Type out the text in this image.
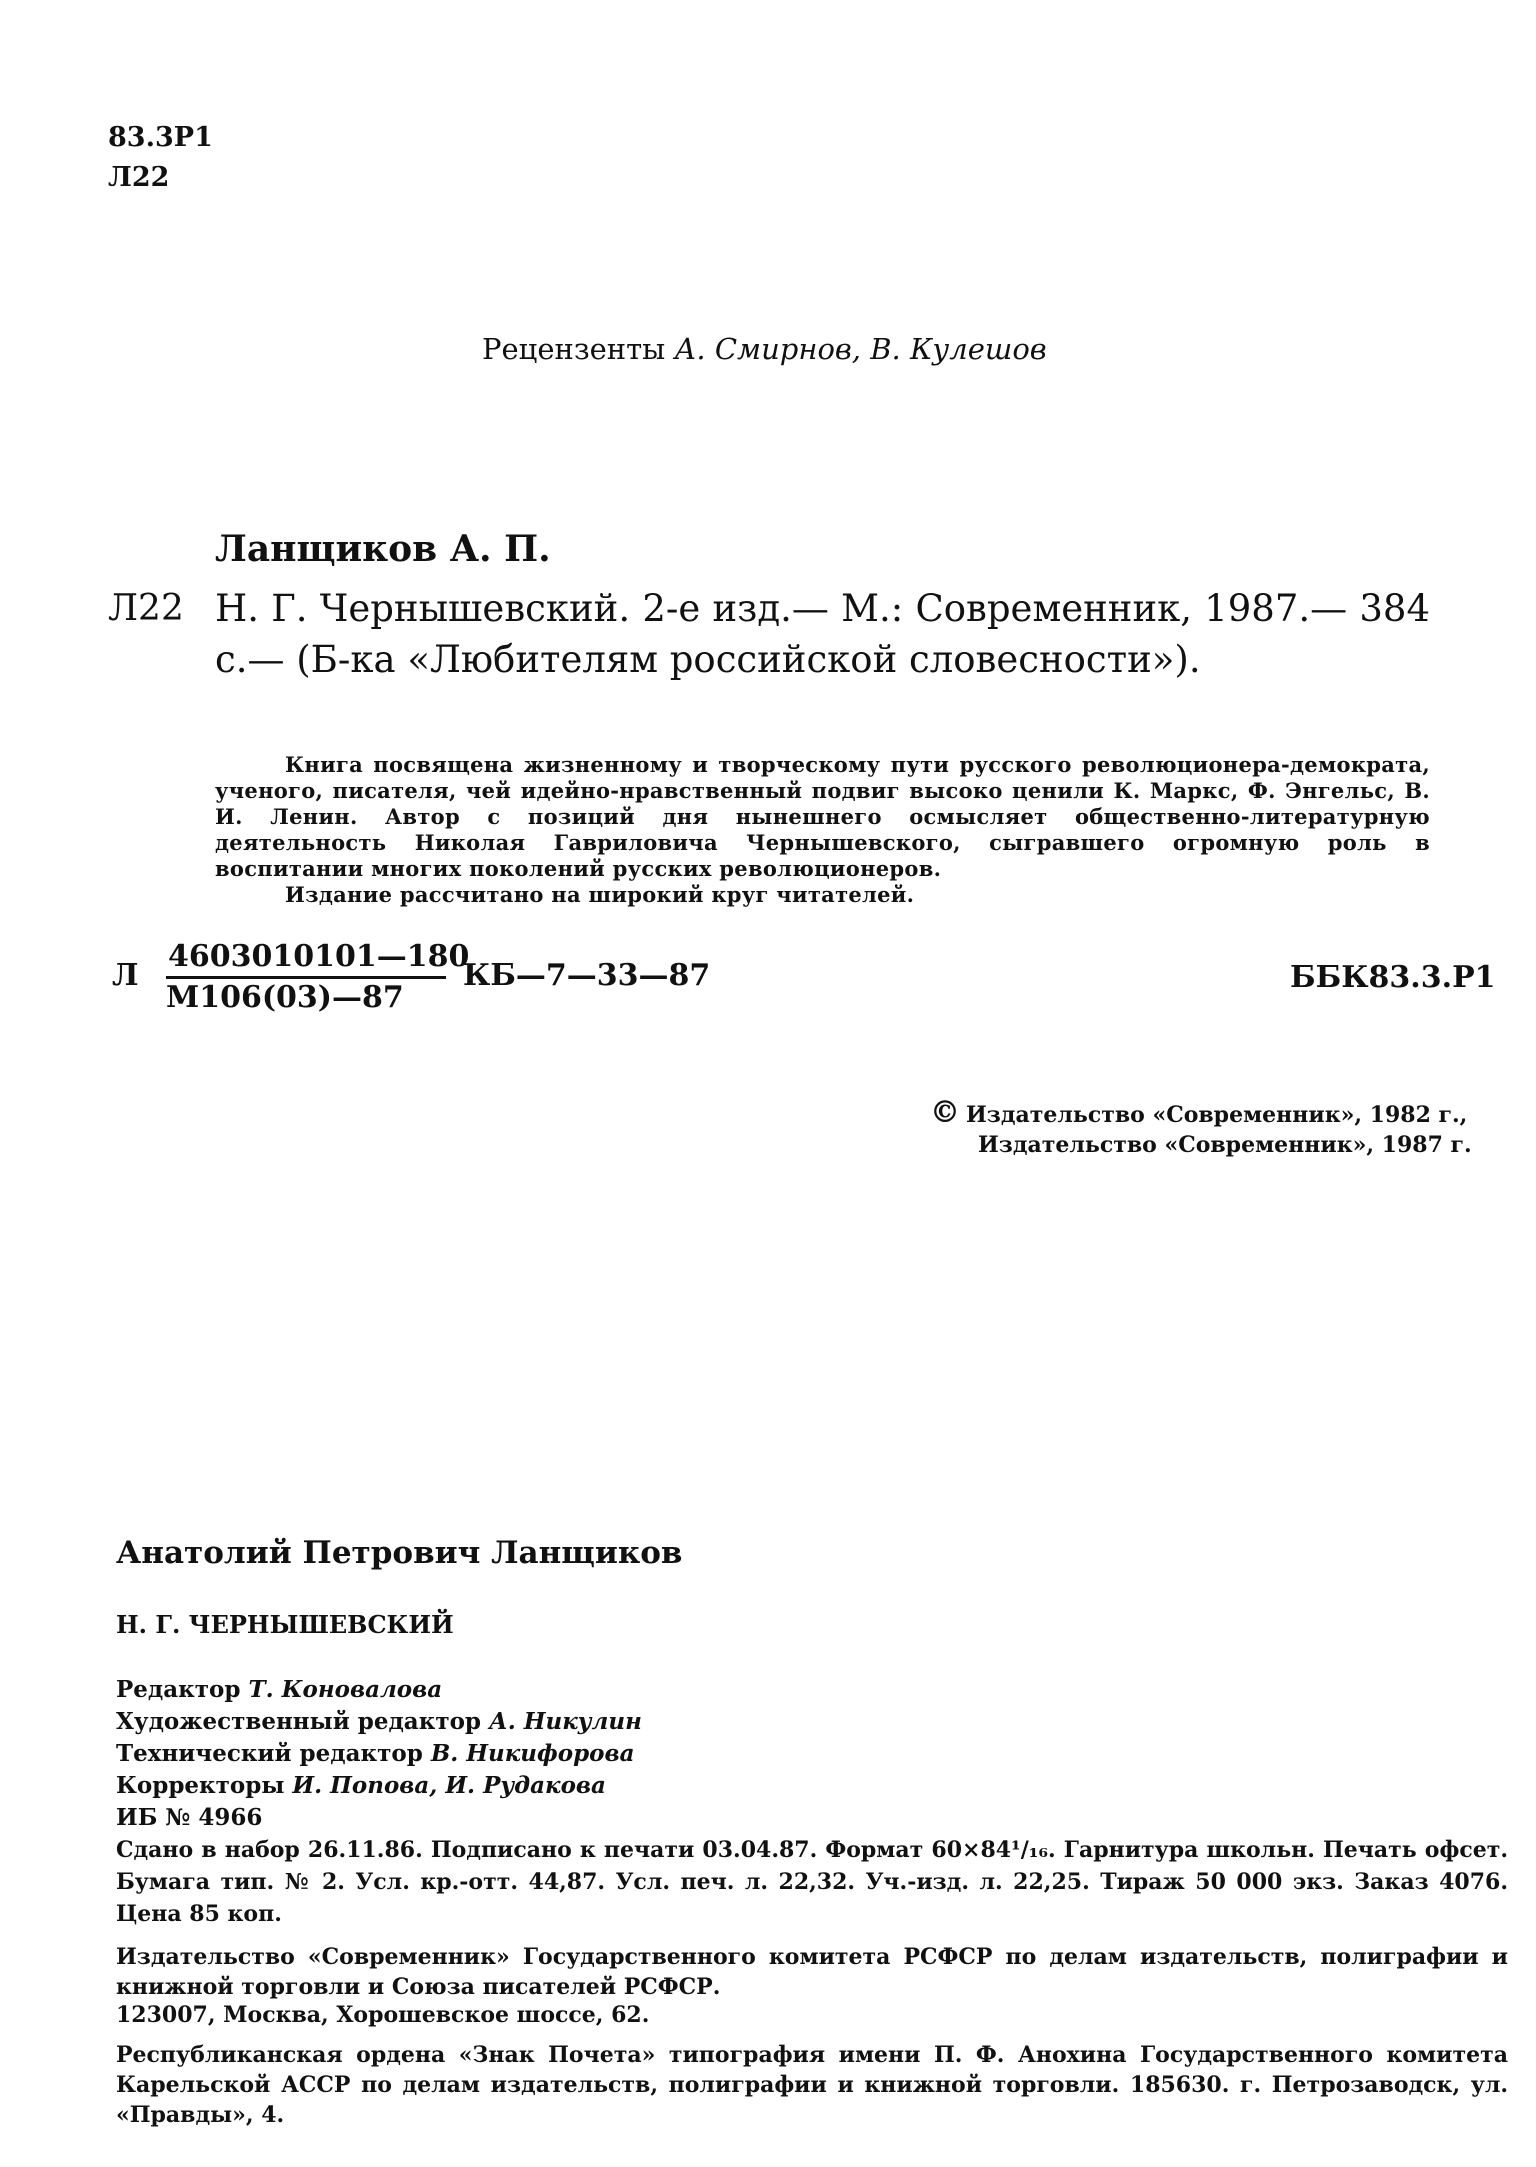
83.3Р1
Л22
Рецензенты А. Смирнов, В. Кулешов
Ланщиков А. П.
Л22 Н. Г. Чернышевский. 2-е изд.— М.: Современник, 1987.— 384 с.— (Б-ка «Любителям российской словесности»).

Книга посвящена жизненному и творческому пути русского революционера-демократа, ученого, писателя, чей идейно-нравственный подвиг высоко ценили К. Маркс, Ф. Энгельс, В. И. Ленин. Автор с позиций дня нынешнего осмысляет общественно-литературную деятельность Николая Гавриловича Чернышевского, сыгравшего огромную роль в воспитании многих поколений русских революционеров.

Издание рассчитано на широкий круг читателей.

Л
4603010101—180
М106(03)—87
КБ—7—33—87	ББК83.3.Р1
© Издательство «Современник», 1982 г.,
Издательство «Современник», 1987 г.
Анатолий Петрович Ланщиков
Н. Г. ЧЕРНЫШЕВСКИЙ
Редактор Т. Коновалова
Художественный редактор А. Никулин
Технический редактор В. Никифорова
Корректоры И. Попова, И. Рудакова
ИБ № 4966
Сдано в набор 26.11.86. Подписано к печати 03.04.87. Формат 60×84¹/₁₆. Гарнитура школьн. Печать офсет. Бумага тип. № 2. Усл. кр.-отт. 44,87. Усл. печ. л. 22,32. Уч.-изд. л. 22,25. Тираж 50 000 экз. Заказ 4076. Цена 85 коп.
Издательство «Современник» Государственного комитета РСФСР по делам издательств, полиграфии и книжной торговли и Союза писателей РСФСР.
123007, Москва, Хорошевское шоссе, 62.
Республиканская ордена «Знак Почета» типография имени П. Ф. Анохина Государственного комитета Карельской АССР по делам издательств, полиграфии и книжной торговли. 185630. г. Петрозаводск, ул. «Правды», 4.
